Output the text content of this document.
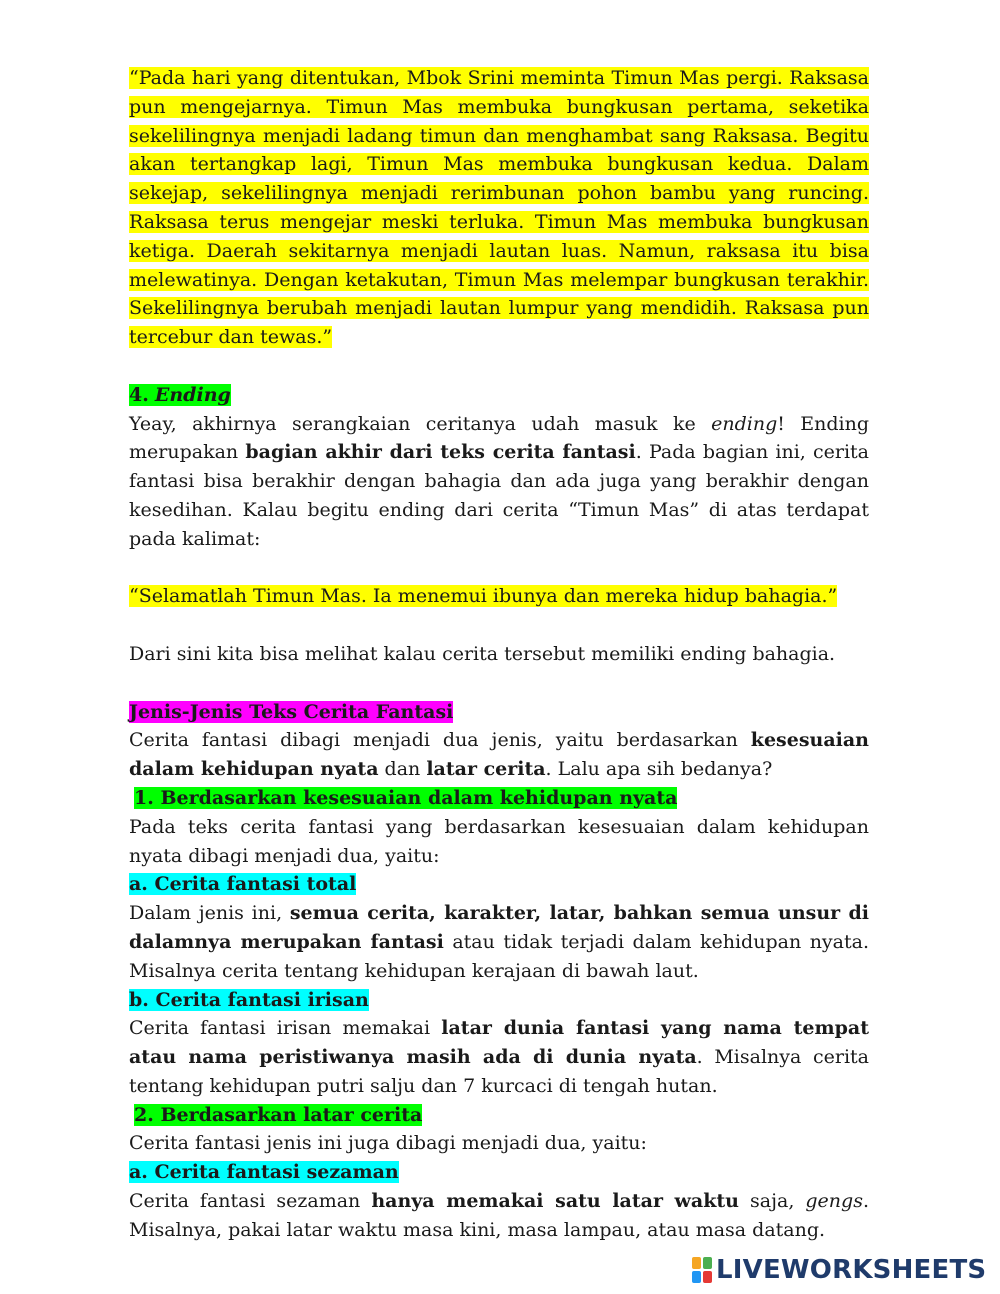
“Pada hari yang ditentukan, Mbok Srini meminta Timun Mas pergi. Raksasa pun mengejarnya. Timun Mas membuka bungkusan pertama, seketika sekelilingnya menjadi ladang timun dan menghambat sang Raksasa. Begitu akan tertangkap lagi, Timun Mas membuka bungkusan kedua. Dalam sekejap, sekelilingnya menjadi rerimbunan pohon bambu yang runcing. Raksasa terus mengejar meski terluka. Timun Mas membuka bungkusan ketiga. Daerah sekitarnya menjadi lautan luas. Namun, raksasa itu bisa melewatinya. Dengan ketakutan, Timun Mas melempar bungkusan terakhir. Sekelilingnya berubah menjadi lautan lumpur yang mendidih. Raksasa pun tercebur dan tewas.”

4. Ending

Yeay, akhirnya serangkaian ceritanya udah masuk ke ending! Ending merupakan bagian akhir dari teks cerita fantasi. Pada bagian ini, cerita fantasi bisa berakhir dengan bahagia dan ada juga yang berakhir dengan kesedihan. Kalau begitu ending dari cerita “Timun Mas” di atas terdapat pada kalimat:

“Selamatlah Timun Mas. Ia menemui ibunya dan mereka hidup bahagia.”

Dari sini kita bisa melihat kalau cerita tersebut memiliki ending bahagia.

Jenis-Jenis Teks Cerita Fantasi

Cerita fantasi dibagi menjadi dua jenis, yaitu berdasarkan kesesuaian dalam kehidupan nyata dan latar cerita. Lalu apa sih bedanya?

1. Berdasarkan kesesuaian dalam kehidupan nyata

Pada teks cerita fantasi yang berdasarkan kesesuaian dalam kehidupan nyata dibagi menjadi dua, yaitu:

a. Cerita fantasi total

Dalam jenis ini, semua cerita, karakter, latar, bahkan semua unsur di dalamnya merupakan fantasi atau tidak terjadi dalam kehidupan nyata. Misalnya cerita tentang kehidupan kerajaan di bawah laut.

b. Cerita fantasi irisan

Cerita fantasi irisan memakai latar dunia fantasi yang nama tempat atau nama peristiwanya masih ada di dunia nyata. Misalnya cerita tentang kehidupan putri salju dan 7 kurcaci di tengah hutan.

2. Berdasarkan latar cerita

Cerita fantasi jenis ini juga dibagi menjadi dua, yaitu:

a. Cerita fantasi sezaman

Cerita fantasi sezaman hanya memakai satu latar waktu saja, gengs. Misalnya, pakai latar waktu masa kini, masa lampau, atau masa datang.

LIVEWORKSHEETS
